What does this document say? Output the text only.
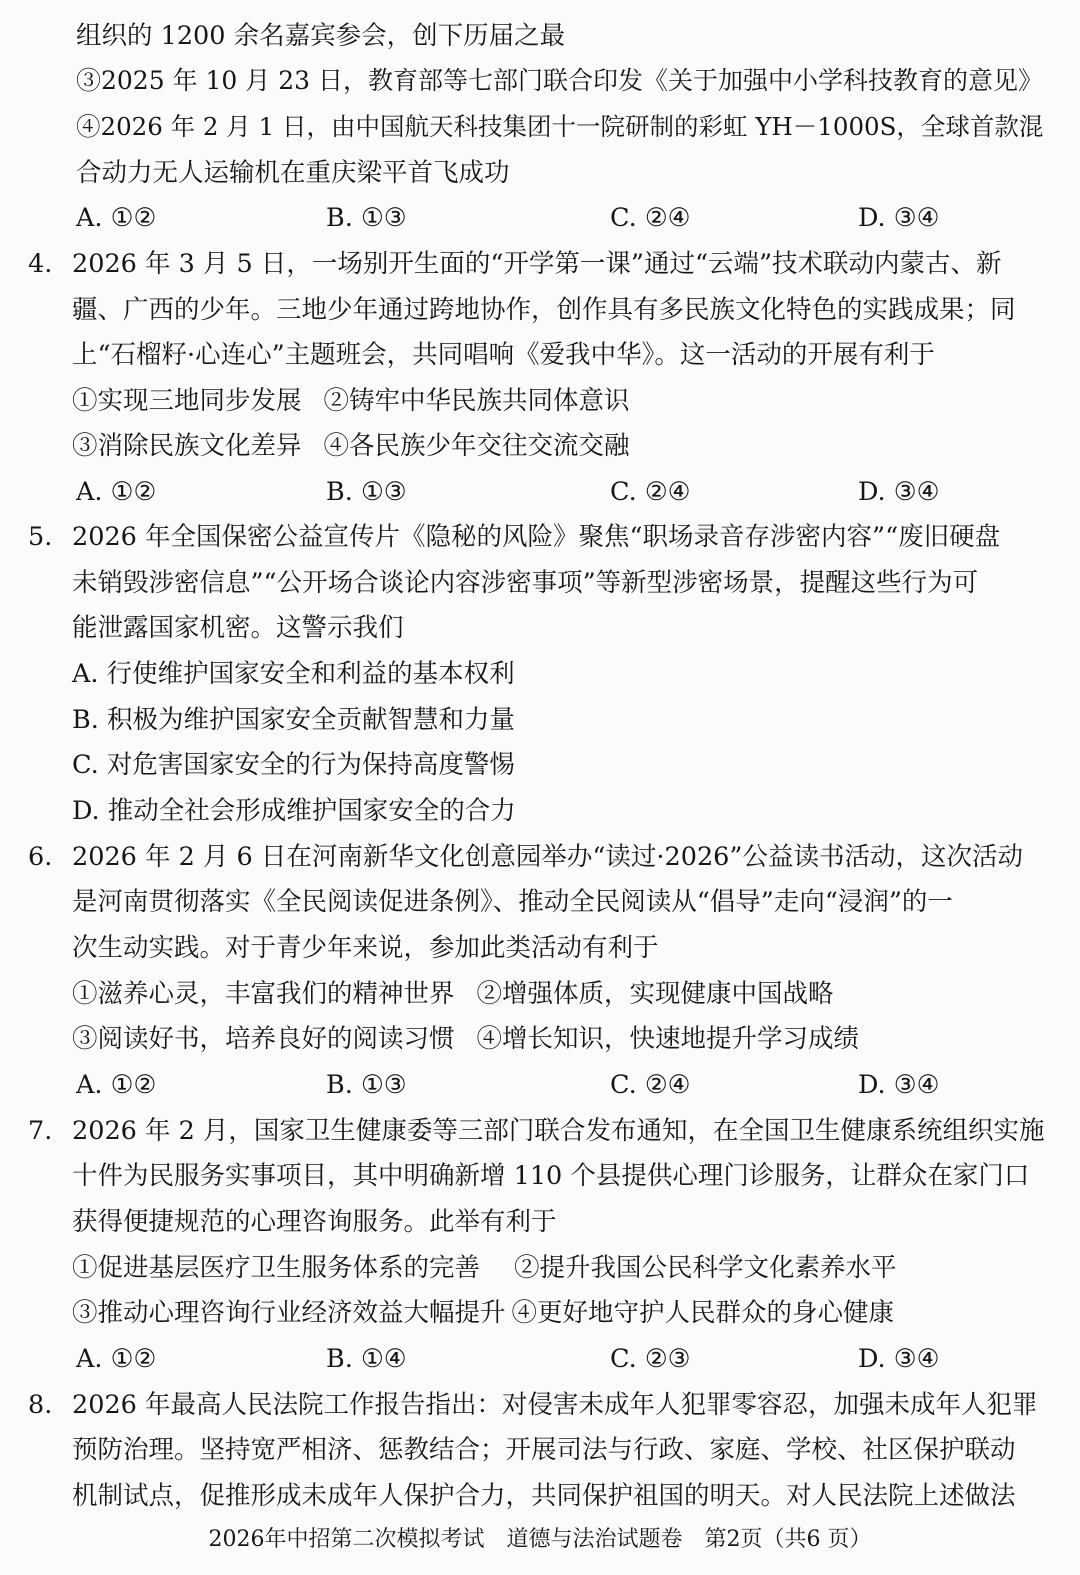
组织的 1200 余名嘉宾参会，创下历届之最
③2025 年 10 月 23 日，教育部等七部门联合印发《关于加强中小学科技教育的意见》
④2026 年 2 月 1 日，由中国航天科技集团十一院研制的彩虹 YH－1000S，全球首款混
合动力无人运输机在重庆梁平首飞成功
A. ①②	B. ①③	C. ②④	D. ③④
4. 2026 年 3 月 5 日，一场别开生面的“开学第一课”通过“云端”技术联动内蒙古、新
疆、广西的少年。三地少年通过跨地协作，创作具有多民族文化特色的实践成果；同
上“石榴籽·心连心”主题班会，共同唱响《爱我中华》。这一活动的开展有利于
①实现三地同步发展 ②铸牢中华民族共同体意识
③消除民族文化差异 ④各民族少年交往交流交融
A. ①②	B. ①③	C. ②④	D. ③④
5. 2026 年全国保密公益宣传片《隐秘的风险》聚焦“职场录音存涉密内容”“废旧硬盘
未销毁涉密信息”“公开场合谈论内容涉密事项”等新型涉密场景，提醒这些行为可
能泄露国家机密。这警示我们
A. 行使维护国家安全和利益的基本权利
B. 积极为维护国家安全贡献智慧和力量
C. 对危害国家安全的行为保持高度警惕
D. 推动全社会形成维护国家安全的合力
6. 2026 年 2 月 6 日在河南新华文化创意园举办“读过·2026”公益读书活动，这次活动
是河南贯彻落实《全民阅读促进条例》、推动全民阅读从“倡导”走向“浸润”的一
次生动实践。对于青少年来说，参加此类活动有利于
①滋养心灵，丰富我们的精神世界 ②增强体质，实现健康中国战略
③阅读好书，培养良好的阅读习惯 ④增长知识，快速地提升学习成绩
A. ①②	B. ①③	C. ②④	D. ③④
7. 2026 年 2 月，国家卫生健康委等三部门联合发布通知，在全国卫生健康系统组织实施
十件为民服务实事项目，其中明确新增 110 个县提供心理门诊服务，让群众在家门口
获得便捷规范的心理咨询服务。此举有利于
①促进基层医疗卫生服务体系的完善 ②提升我国公民科学文化素养水平
③推动心理咨询行业经济效益大幅提升 ④更好地守护人民群众的身心健康
A. ①②	B. ①④	C. ②③	D. ③④
8. 2026 年最高人民法院工作报告指出：对侵害未成年人犯罪零容忍，加强未成年人犯罪
预防治理。坚持宽严相济、惩教结合；开展司法与行政、家庭、学校、社区保护联动
机制试点，促推形成未成年人保护合力，共同保护祖国的明天。对人民法院上述做法
2026年中招第二次模拟考试　道德与法治试题卷　第2页（共6 页）
